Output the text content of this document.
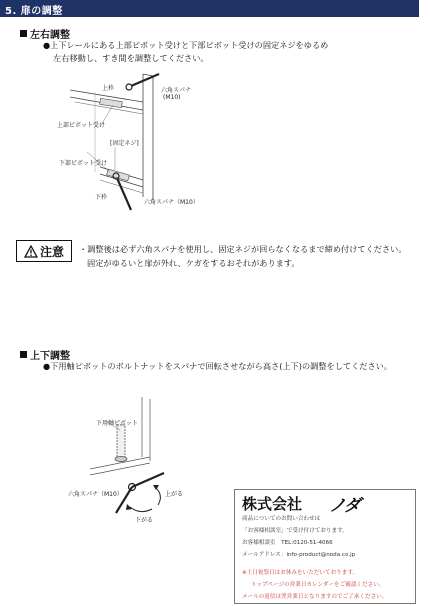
5. 扉の調整
左右調整
●上下レールにある上部ピボット受けと下部ピボット受けの固定ネジをゆるめ
左右移動し、すき間を調整してください。
上枠	六角スパナ
(M10)
上部ピボット受け
[固定ネジ]
下部ピボット受け
下枠
六角スパナ（M10）
注意 ・調整後は必ず六角スパナを使用し、固定ネジが回らなくなるまで締め付けてください。
固定がゆるいと扉が外れ、ケガをするおそれがあります。
上下調整
●下用軸ピボットのボルトナットをスパナで回転させながら高さ(上下)の調整をしてください。
下用軸ピボット
六角スパナ（M10）	上がる
下がる
株式会社 ノダ
商品についてのお問い合わせは
「お客様相談室」で受け付けております。
お客様相談室　TEL:0120-51-4066
メールアドレス：info-product@noda.co.jp
※土日祝祭日はお休みをいただいております。
トップページの営業日カレンダーをご確認ください。
メールの返信は翌営業日となりますのでご了承ください。
